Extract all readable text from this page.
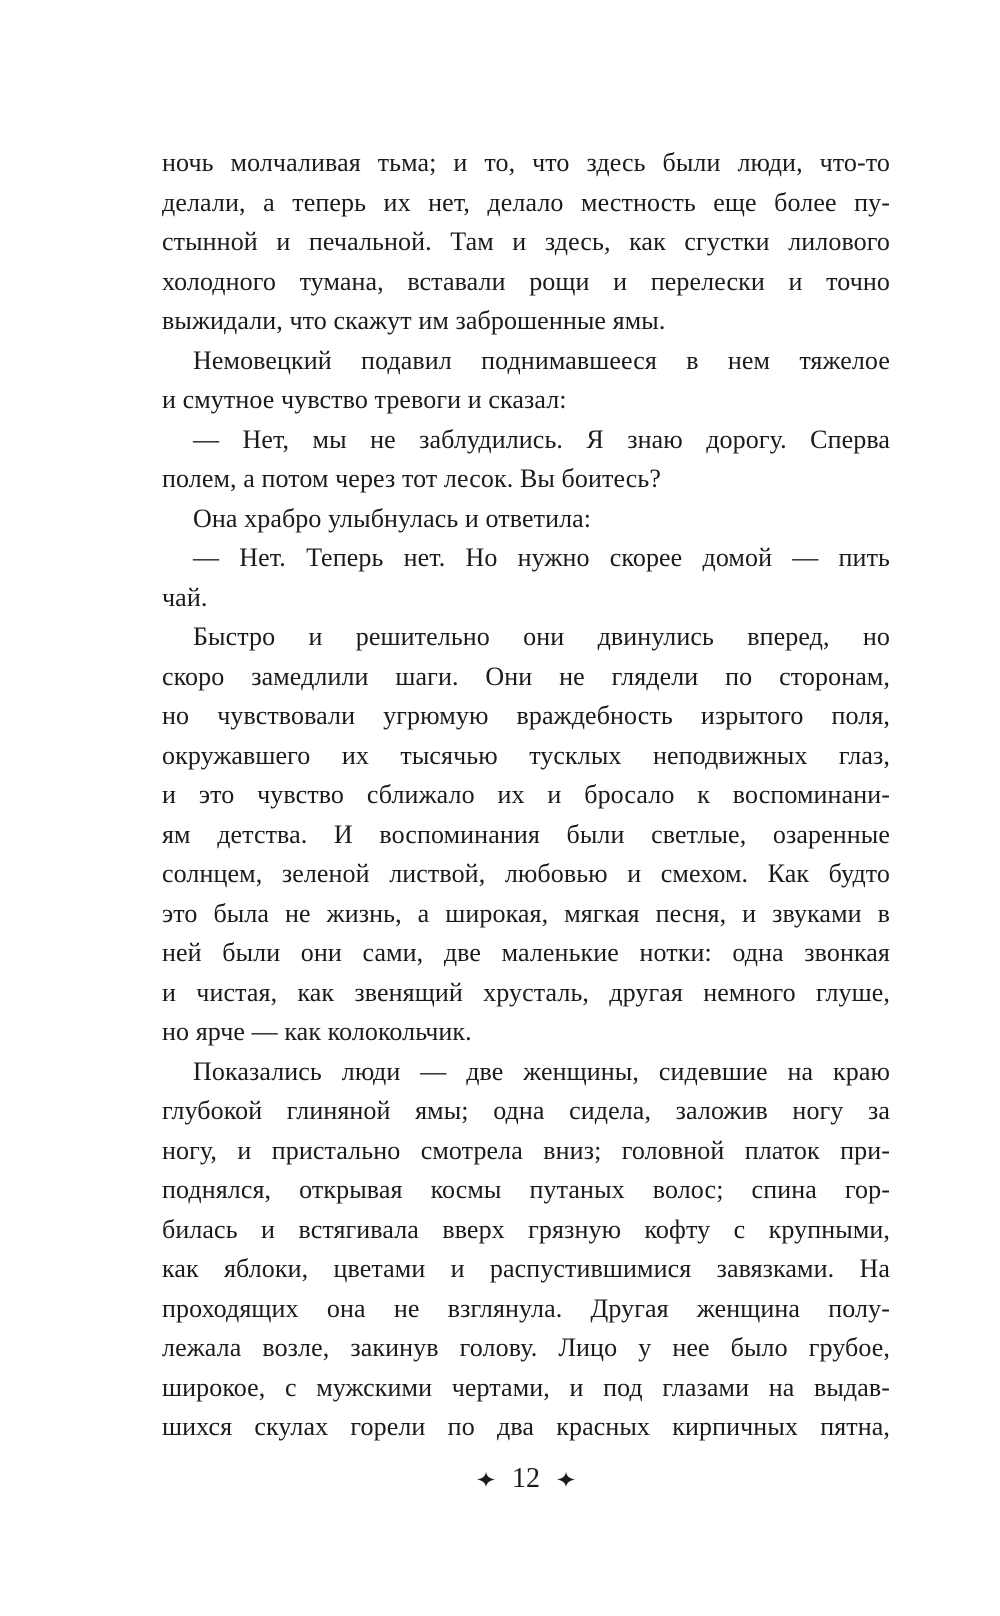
ночь молчаливая тьма; и то, что здесь были люди, что-то
делали, а теперь их нет, делало местность еще более пу-
стынной и печальной. Там и здесь, как сгустки лилового
холодного тумана, вставали рощи и перелески и точно
выжидали, что скажут им заброшенные ямы.
Немовецкий подавил поднимавшееся в нем тяжелое
и смутное чувство тревоги и сказал:
— Нет, мы не заблудились. Я знаю дорогу. Сперва
полем, а потом через тот лесок. Вы боитесь?
Она храбро улыбнулась и ответила:
— Нет. Теперь нет. Но нужно скорее домой — пить
чай.
Быстро и решительно они двинулись вперед, но
скоро замедлили шаги. Они не глядели по сторонам,
но чувствовали угрюмую враждебность изрытого поля,
окружавшего их тысячью тусклых неподвижных глаз,
и это чувство сближало их и бросало к воспоминани-
ям детства. И воспоминания были светлые, озаренные
солнцем, зеленой листвой, любовью и смехом. Как будто
это была не жизнь, а широкая, мягкая песня, и звуками в
ней были они сами, две маленькие нотки: одна звонкая
и чистая, как звенящий хрусталь, другая немного глуше,
но ярче — как колокольчик.
Показались люди — две женщины, сидевшие на краю
глубокой глиняной ямы; одна сидела, заложив ногу за
ногу, и пристально смотрела вниз; головной платок при-
поднялся, открывая космы путаных волос; спина гор-
билась и встягивала вверх грязную кофту с крупными,
как яблоки, цветами и распустившимися завязками. На
проходящих она не взглянула. Другая женщина полу-
лежала возле, закинув голову. Лицо у нее было грубое,
широкое, с мужскими чертами, и под глазами на выдав-
шихся скулах горели по два красных кирпичных пятна,
12
